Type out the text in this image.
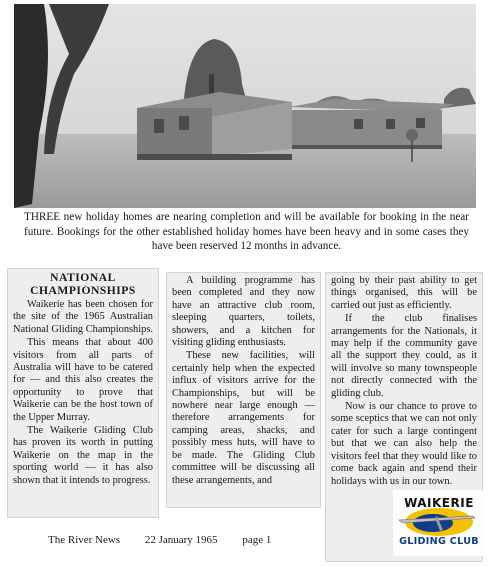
THREE new holiday homes are nearing completion and will be available for booking in the near future. Bookings for the other established holiday homes have been heavy and in some cases they have been reserved 12 months in advance.

NATIONAL CHAMPIONSHIPS

Waikerie has been chosen for the site of the 1965 Australian National Gliding Championships.

This means that about 400 visitors from all parts of Australia will have to be catered for — and this also creates the opportunity to prove that Waikerie can be the host town of the Upper Murray.

The Waikerie Gliding Club has proven its worth in putting Waikerie on the map in the sporting world — it has also shown that it intends to progress.

A building programme has been completed and they now have an attractive club room, sleeping quarters, toilets, showers, and a kitchen for visiting gliding enthusiasts.

These new facilities, will certainly help when the expected influx of visitors arrive for the Championships, but will be nowhere near large enough — therefore arrangements for camping areas, shacks, and possibly mess huts, will have to be made. The Gliding Club committee will be discussing all these arrangements, and

going by their past ability to get things organised, this will be carried out just as efficiently.

If the club finalises arrangements for the Nationals, it may help if the community gave all the support they could, as it will involve so many townspeople not directly connected with the gliding club.

Now is our chance to prove to some sceptics that we can not only cater for such a large contingent but that we can also help the visitors feel that they would like to come back again and spend their holidays with us in our town.

The River News 22 January 1965 page 1
WAIKERIE
GLIDING CLUB
